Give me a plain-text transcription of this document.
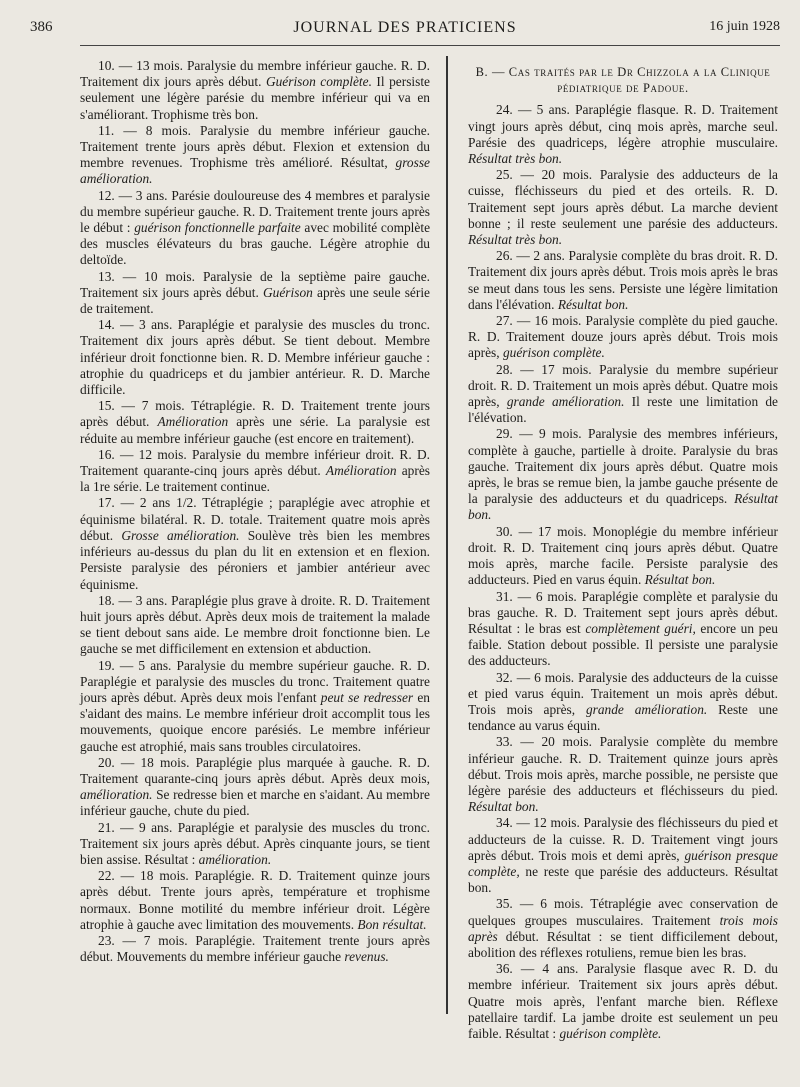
386	JOURNAL DES PRATICIENS	16 juin 1928

10. — 13 mois. Paralysie du membre inférieur gauche. R. D. Traitement dix jours après début. Guérison complète. Il persiste seulement une légère parésie du membre inférieur qui va en s'améliorant. Trophisme très bon.

11. — 8 mois. Paralysie du membre inférieur gauche. Traitement trente jours après début. Flexion et extension du membre revenues. Trophisme très amélioré. Résultat, grosse amélioration.

12. — 3 ans. Parésie douloureuse des 4 membres et paralysie du membre supérieur gauche. R. D. Traitement trente jours après le début : guérison fonctionnelle parfaite avec mobilité complète des muscles élévateurs du bras gauche. Légère atrophie du deltoïde.

13. — 10 mois. Paralysie de la septième paire gauche. Traitement six jours après début. Guérison après une seule série de traitement.

14. — 3 ans. Paraplégie et paralysie des muscles du tronc. Traitement dix jours après début. Se tient debout. Membre inférieur droit fonctionne bien. R. D. Membre inférieur gauche : atrophie du quadriceps et du jambier antérieur. R. D. Marche difficile.

15. — 7 mois. Tétraplégie. R. D. Traitement trente jours après début. Amélioration après une série. La paralysie est réduite au membre inférieur gauche (est encore en traitement).

16. — 12 mois. Paralysie du membre inférieur droit. R. D. Traitement quarante-cinq jours après début. Amélioration après la 1re série. Le traitement continue.

17. — 2 ans 1/2. Tétraplégie ; paraplégie avec atrophie et équinisme bilatéral. R. D. totale. Traitement quatre mois après début. Grosse amélioration. Soulève très bien les membres inférieurs au-dessus du plan du lit en extension et en flexion. Persiste paralysie des péroniers et jambier antérieur avec équinisme.

18. — 3 ans. Paraplégie plus grave à droite. R. D. Traitement huit jours après début. Après deux mois de traitement la malade se tient debout sans aide. Le membre droit fonctionne bien. Le gauche se met difficilement en extension et abduction.

19. — 5 ans. Paralysie du membre supérieur gauche. R. D. Paraplégie et paralysie des muscles du tronc. Traitement quatre jours après début. Après deux mois l'enfant peut se redresser en s'aidant des mains. Le membre inférieur droit accomplit tous les mouvements, quoique encore parésiés. Le membre inférieur gauche est atrophié, mais sans troubles circulatoires.

20. — 18 mois. Paraplégie plus marquée à gauche. R. D. Traitement quarante-cinq jours après début. Après deux mois, amélioration. Se redresse bien et marche en s'aidant. Au membre inférieur gauche, chute du pied.

21. — 9 ans. Paraplégie et paralysie des muscles du tronc. Traitement six jours après début. Après cinquante jours, se tient bien assise. Résultat : amélioration.

22. — 18 mois. Paraplégie. R. D. Traitement quinze jours après début. Trente jours après, température et trophisme normaux. Bonne motilité du membre inférieur droit. Légère atrophie à gauche avec limitation des mouvements. Bon résultat.

23. — 7 mois. Paraplégie. Traitement trente jours après début. Mouvements du membre inférieur gauche revenus.

B. — Cas traités par le Dr Chizzola a la Clinique pédiatrique de Padoue.

24. — 5 ans. Paraplégie flasque. R. D. Traitement vingt jours après début, cinq mois après, marche seul. Parésie des quadriceps, légère atrophie musculaire. Résultat très bon.

25. — 20 mois. Paralysie des adducteurs de la cuisse, fléchisseurs du pied et des orteils. R. D. Traitement sept jours après début. La marche devient bonne ; il reste seulement une parésie des adducteurs. Résultat très bon.

26. — 2 ans. Paralysie complète du bras droit. R. D. Traitement dix jours après début. Trois mois après le bras se meut dans tous les sens. Persiste une légère limitation dans l'élévation. Résultat bon.

27. — 16 mois. Paralysie complète du pied gauche. R. D. Traitement douze jours après début. Trois mois après, guérison complète.

28. — 17 mois. Paralysie du membre supérieur droit. R. D. Traitement un mois après début. Quatre mois après, grande amélioration. Il reste une limitation de l'élévation.

29. — 9 mois. Paralysie des membres inférieurs, complète à gauche, partielle à droite. Paralysie du bras gauche. Traitement dix jours après début. Quatre mois après, le bras se remue bien, la jambe gauche présente de la paralysie des adducteurs et du quadriceps. Résultat bon.

30. — 17 mois. Monoplégie du membre inférieur droit. R. D. Traitement cinq jours après début. Quatre mois après, marche facile. Persiste paralysie des adducteurs. Pied en varus équin. Résultat bon.

31. — 6 mois. Paraplégie complète et paralysie du bras gauche. R. D. Traitement sept jours après début. Résultat : le bras est complètement guéri, encore un peu faible. Station debout possible. Il persiste une paralysie des adducteurs.

32. — 6 mois. Paralysie des adducteurs de la cuisse et pied varus équin. Traitement un mois après début. Trois mois après, grande amélioration. Reste une tendance au varus équin.

33. — 20 mois. Paralysie complète du membre inférieur gauche. R. D. Traitement quinze jours après début. Trois mois après, marche possible, ne persiste que légère parésie des adducteurs et fléchisseurs du pied. Résultat bon.

34. — 12 mois. Paralysie des fléchisseurs du pied et adducteurs de la cuisse. R. D. Traitement vingt jours après début. Trois mois et demi après, guérison presque complète, ne reste que parésie des adducteurs. Résultat bon.

35. — 6 mois. Tétraplégie avec conservation de quelques groupes musculaires. Traitement trois mois après début. Résultat : se tient difficilement debout, abolition des réflexes rotuliens, remue bien les bras.

36. — 4 ans. Paralysie flasque avec R. D. du membre inférieur. Traitement six jours après début. Quatre mois après, l'enfant marche bien. Réflexe patellaire tardif. La jambe droite est seulement un peu faible. Résultat : guérison complète.
